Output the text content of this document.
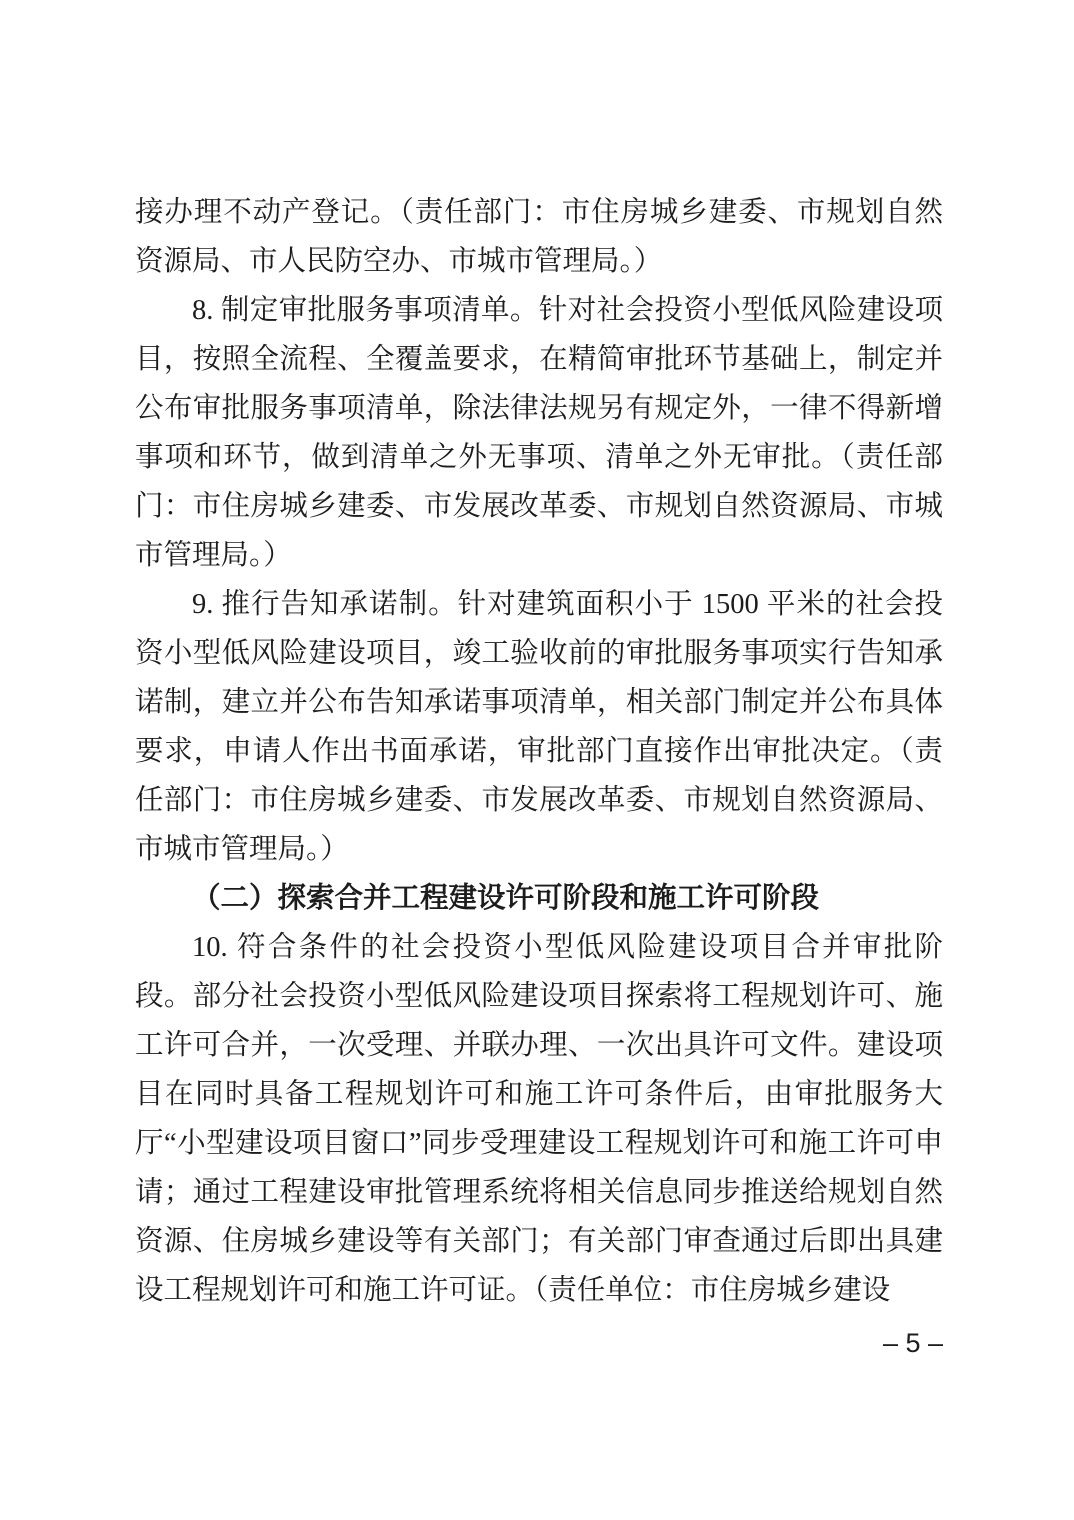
接办理不动产登记。（责任部门：市住房城乡建委、市规划自然资源局、市人民防空办、市城市管理局。）

8. 制定审批服务事项清单。针对社会投资小型低风险建设项目，按照全流程、全覆盖要求，在精简审批环节基础上，制定并公布审批服务事项清单，除法律法规另有规定外，一律不得新增事项和环节，做到清单之外无事项、清单之外无审批。（责任部门：市住房城乡建委、市发展改革委、市规划自然资源局、市城市管理局。）

9. 推行告知承诺制。针对建筑面积小于 1500 平米的社会投资小型低风险建设项目，竣工验收前的审批服务事项实行告知承诺制，建立并公布告知承诺事项清单，相关部门制定并公布具体要求，申请人作出书面承诺，审批部门直接作出审批决定。（责任部门：市住房城乡建委、市发展改革委、市规划自然资源局、市城市管理局。）

（二）探索合并工程建设许可阶段和施工许可阶段

10. 符合条件的社会投资小型低风险建设项目合并审批阶段。部分社会投资小型低风险建设项目探索将工程规划许可、施工许可合并，一次受理、并联办理、一次出具许可文件。建设项目在同时具备工程规划许可和施工许可条件后，由审批服务大厅“小型建设项目窗口”同步受理建设工程规划许可和施工许可申请；通过工程建设审批管理系统将相关信息同步推送给规划自然资源、住房城乡建设等有关部门；有关部门审查通过后即出具建设工程规划许可和施工许可证。（责任单位：市住房城乡建设

– 5 –
